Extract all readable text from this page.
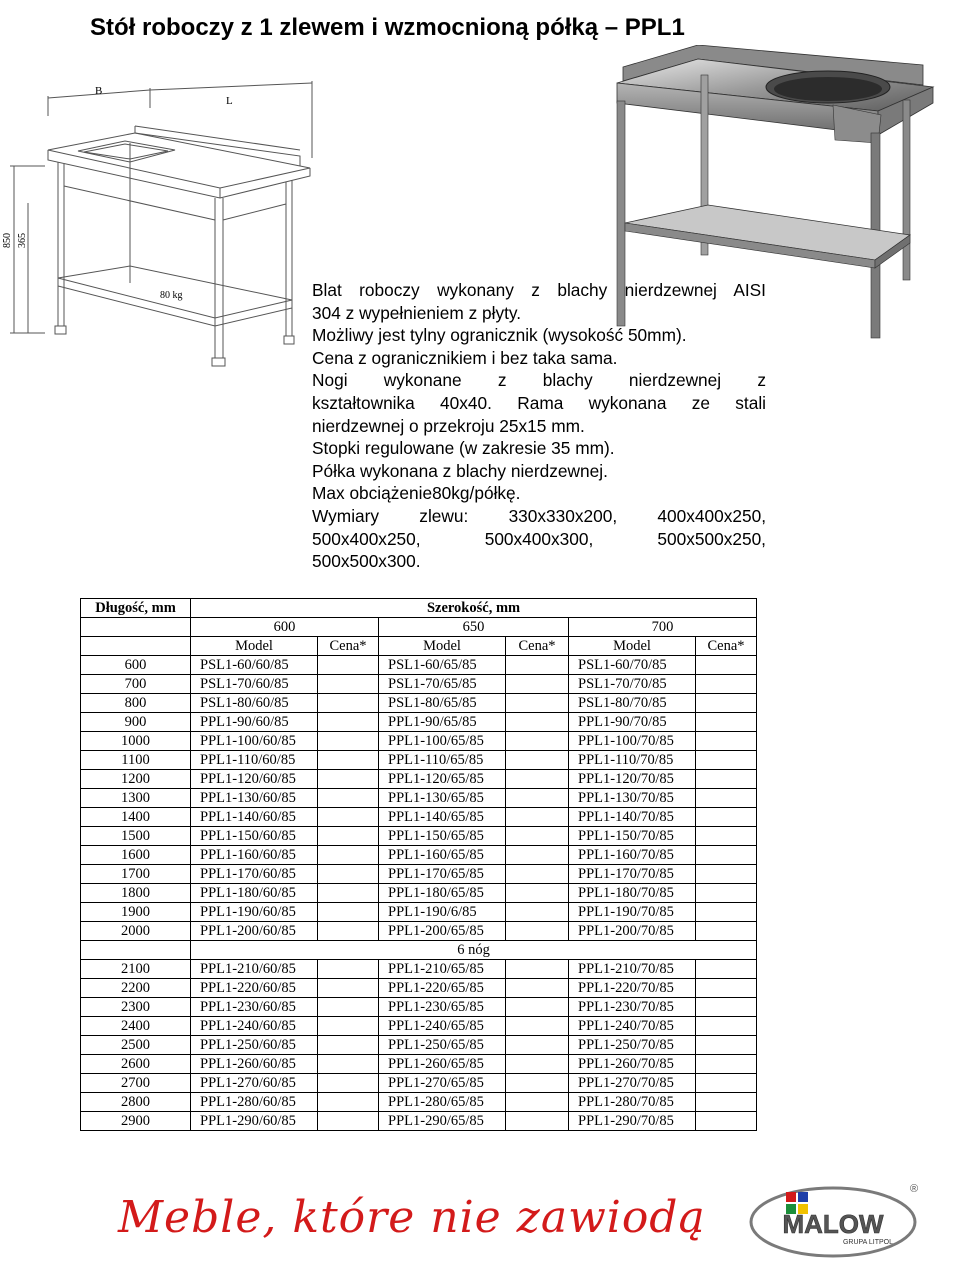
Stół roboczy z 1 zlewem i wzmocnioną półką – PPL1
B
L
850 365
80 kg	Blat roboczy wykonany z blachy nierdzewnej AISI

304 z wypełnieniem z płyty.

Możliwy jest tylny ogranicznik (wysokość 50mm).

Cena z ogranicznikiem i bez taka sama.

Nogi wykonane z blachy nierdzewnej z

kształtownika 40x40. Rama wykonana ze stali

nierdzewnej o przekroju 25x15 mm.

Stopki regulowane (w zakresie 35 mm).

Półka wykonana z blachy nierdzewnej.

Max obciążenie80kg/półkę.

Wymiary zlewu: 330x330x200, 400x400x250,

500x400x250, 500x400x300, 500x500x250,

500x500x300.

Długość, mm	Szerokość, mm					
	600		650		700	
	Model	Cena*	Model	Cena*	Model	Cena*
600	PSL1-60/60/85		PSL1-60/65/85		PSL1-60/70/85	
700	PSL1-70/60/85		PSL1-70/65/85		PSL1-70/70/85	
800	PSL1-80/60/85		PSL1-80/65/85		PSL1-80/70/85	
900	PPL1-90/60/85		PPL1-90/65/85		PPL1-90/70/85	
1000	PPL1-100/60/85		PPL1-100/65/85		PPL1-100/70/85	
1100	PPL1-110/60/85		PPL1-110/65/85		PPL1-110/70/85	
1200	PPL1-120/60/85		PPL1-120/65/85		PPL1-120/70/85	
1300	PPL1-130/60/85		PPL1-130/65/85		PPL1-130/70/85	
1400	PPL1-140/60/85		PPL1-140/65/85		PPL1-140/70/85	
1500	PPL1-150/60/85		PPL1-150/65/85		PPL1-150/70/85	
1600	PPL1-160/60/85		PPL1-160/65/85		PPL1-160/70/85	
1700	PPL1-170/60/85		PPL1-170/65/85		PPL1-170/70/85	
1800	PPL1-180/60/85		PPL1-180/65/85		PPL1-180/70/85	
1900	PPL1-190/60/85		PPL1-190/6/85		PPL1-190/70/85	
2000	PPL1-200/60/85		PPL1-200/65/85		PPL1-200/70/85	
	6 nóg					
2100	PPL1-210/60/85		PPL1-210/65/85		PPL1-210/70/85	
2200	PPL1-220/60/85		PPL1-220/65/85		PPL1-220/70/85	
2300	PPL1-230/60/85		PPL1-230/65/85		PPL1-230/70/85	
2400	PPL1-240/60/85		PPL1-240/65/85		PPL1-240/70/85	
2500	PPL1-250/60/85		PPL1-250/65/85		PPL1-250/70/85	
2600	PPL1-260/60/85		PPL1-260/65/85		PPL1-260/70/85	
2700	PPL1-270/60/85		PPL1-270/65/85		PPL1-270/70/85	
2800	PPL1-280/60/85		PPL1-280/65/85		PPL1-280/70/85	
2900	PPL1-290/60/85		PPL1-290/65/85		PPL1-290/70/85	
Meble, które nie zawiodą	MALOW
GRUPA LITPOL
®
